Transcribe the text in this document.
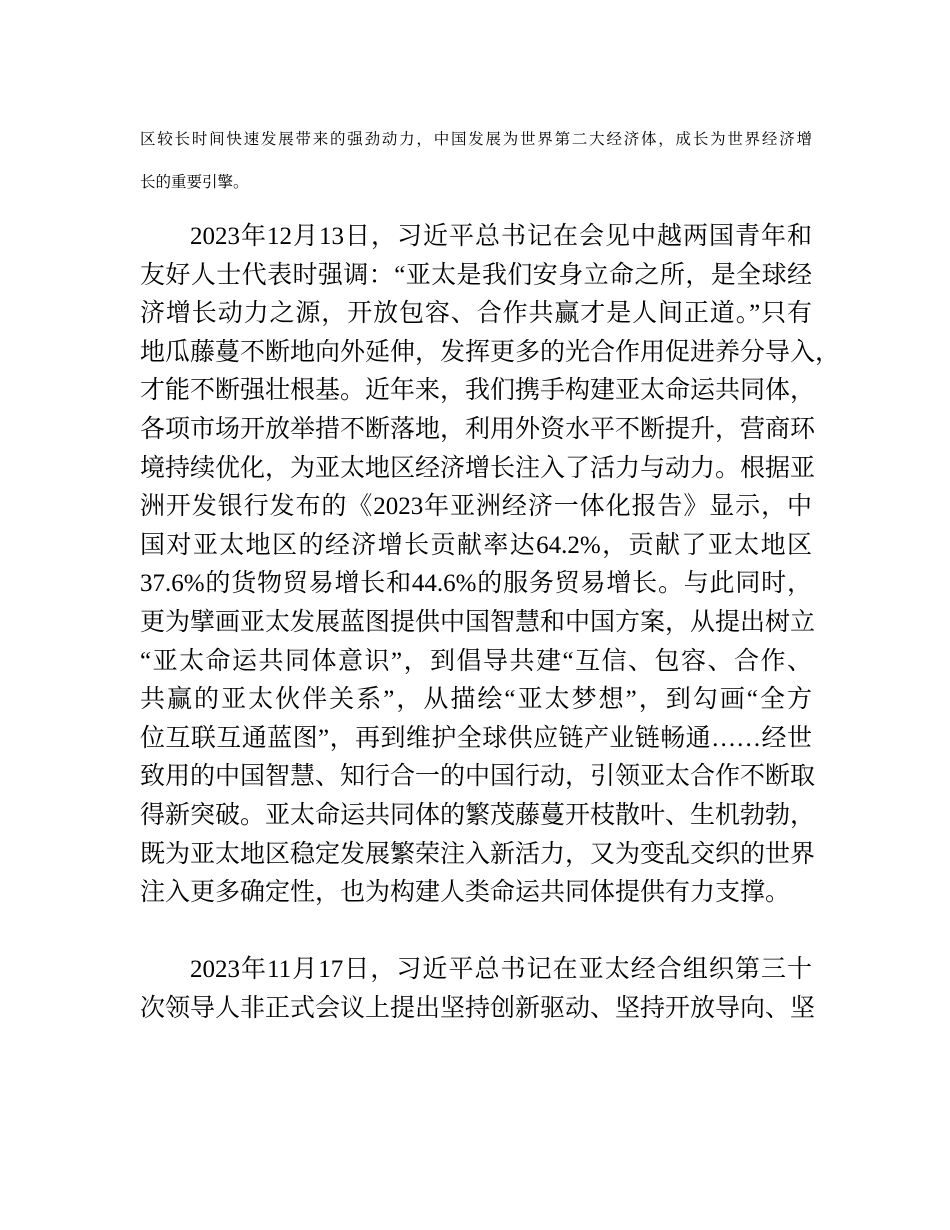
区较长时间快速发展带来的强劲动力，中国发展为世界第二大经济体，成长为世界经济增
长的重要引擎。
2023年12月13日，习近平总书记在会见中越两国青年和
友好人士代表时强调：“亚太是我们安身立命之所，是全球经
济增长动力之源，开放包容、合作共赢才是人间正道。”只有
地瓜藤蔓不断地向外延伸，发挥更多的光合作用促进养分导入，
才能不断强壮根基。近年来，我们携手构建亚太命运共同体，
各项市场开放举措不断落地，利用外资水平不断提升，营商环
境持续优化，为亚太地区经济增长注入了活力与动力。根据亚
洲开发银行发布的《2023年亚洲经济一体化报告》显示，中
国对亚太地区的经济增长贡献率达64.2%，贡献了亚太地区
37.6%的货物贸易增长和44.6%的服务贸易增长。与此同时，
更为擘画亚太发展蓝图提供中国智慧和中国方案，从提出树立
“亚太命运共同体意识”，到倡导共建“互信、包容、合作、
共赢的亚太伙伴关系”，从描绘“亚太梦想”，到勾画“全方
位互联互通蓝图”，再到维护全球供应链产业链畅通……经世
致用的中国智慧、知行合一的中国行动，引领亚太合作不断取
得新突破。亚太命运共同体的繁茂藤蔓开枝散叶、生机勃勃，
既为亚太地区稳定发展繁荣注入新活力，又为变乱交织的世界
注入更多确定性，也为构建人类命运共同体提供有力支撑。
2023年11月17日，习近平总书记在亚太经合组织第三十
次领导人非正式会议上提出坚持创新驱动、坚持开放导向、坚
